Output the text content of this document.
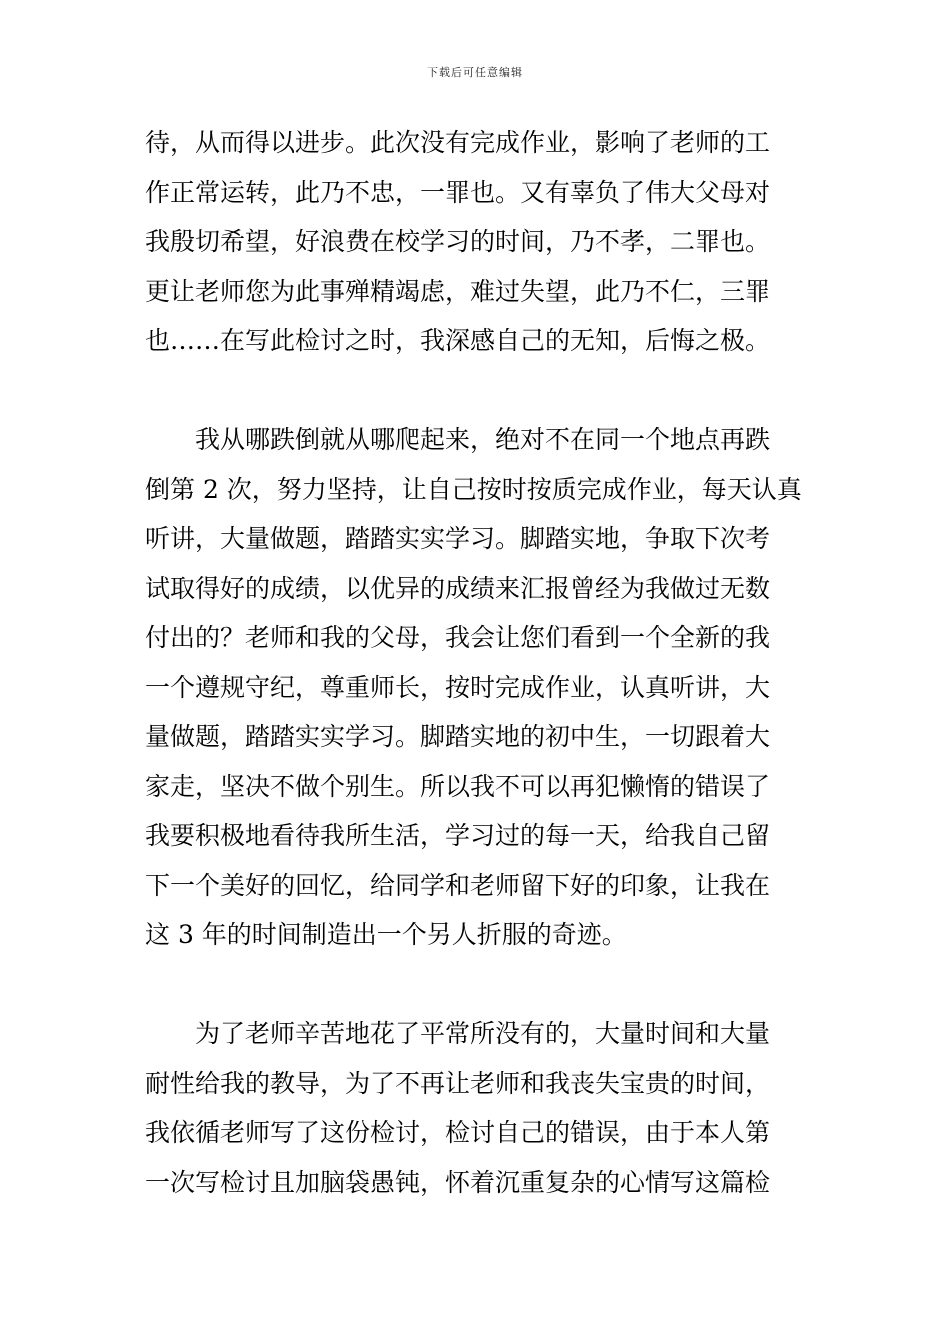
下载后可任意编辑
待，从而得以进步。此次没有完成作业，影响了老师的工
作正常运转，此乃不忠，一罪也。又有辜负了伟大父母对
我殷切希望，好浪费在校学习的时间，乃不孝，二罪也。
更让老师您为此事殚精竭虑，难过失望，此乃不仁，三罪
也……在写此检讨之时，我深感自己的无知，后悔之极。
　　我从哪跌倒就从哪爬起来，绝对不在同一个地点再跌
倒第 2 次，努力坚持，让自己按时按质完成作业，每天认真
听讲，大量做题，踏踏实实学习。脚踏实地，争取下次考
试取得好的成绩，以优异的成绩来汇报曾经为我做过无数
付出的？老师和我的父母，我会让您们看到一个全新的我
一个遵规守纪，尊重师长，按时完成作业，认真听讲，大
量做题，踏踏实实学习。脚踏实地的初中生，一切跟着大
家走，坚决不做个别生。所以我不可以再犯懒惰的错误了
我要积极地看待我所生活，学习过的每一天，给我自己留
下一个美好的回忆，给同学和老师留下好的印象，让我在
这 3 年的时间制造出一个另人折服的奇迹。
　　为了老师辛苦地花了平常所没有的，大量时间和大量
耐性给我的教导，为了不再让老师和我丧失宝贵的时间，
我依循老师写了这份检讨，检讨自己的错误，由于本人第
一次写检讨且加脑袋愚钝，怀着沉重复杂的心情写这篇检
